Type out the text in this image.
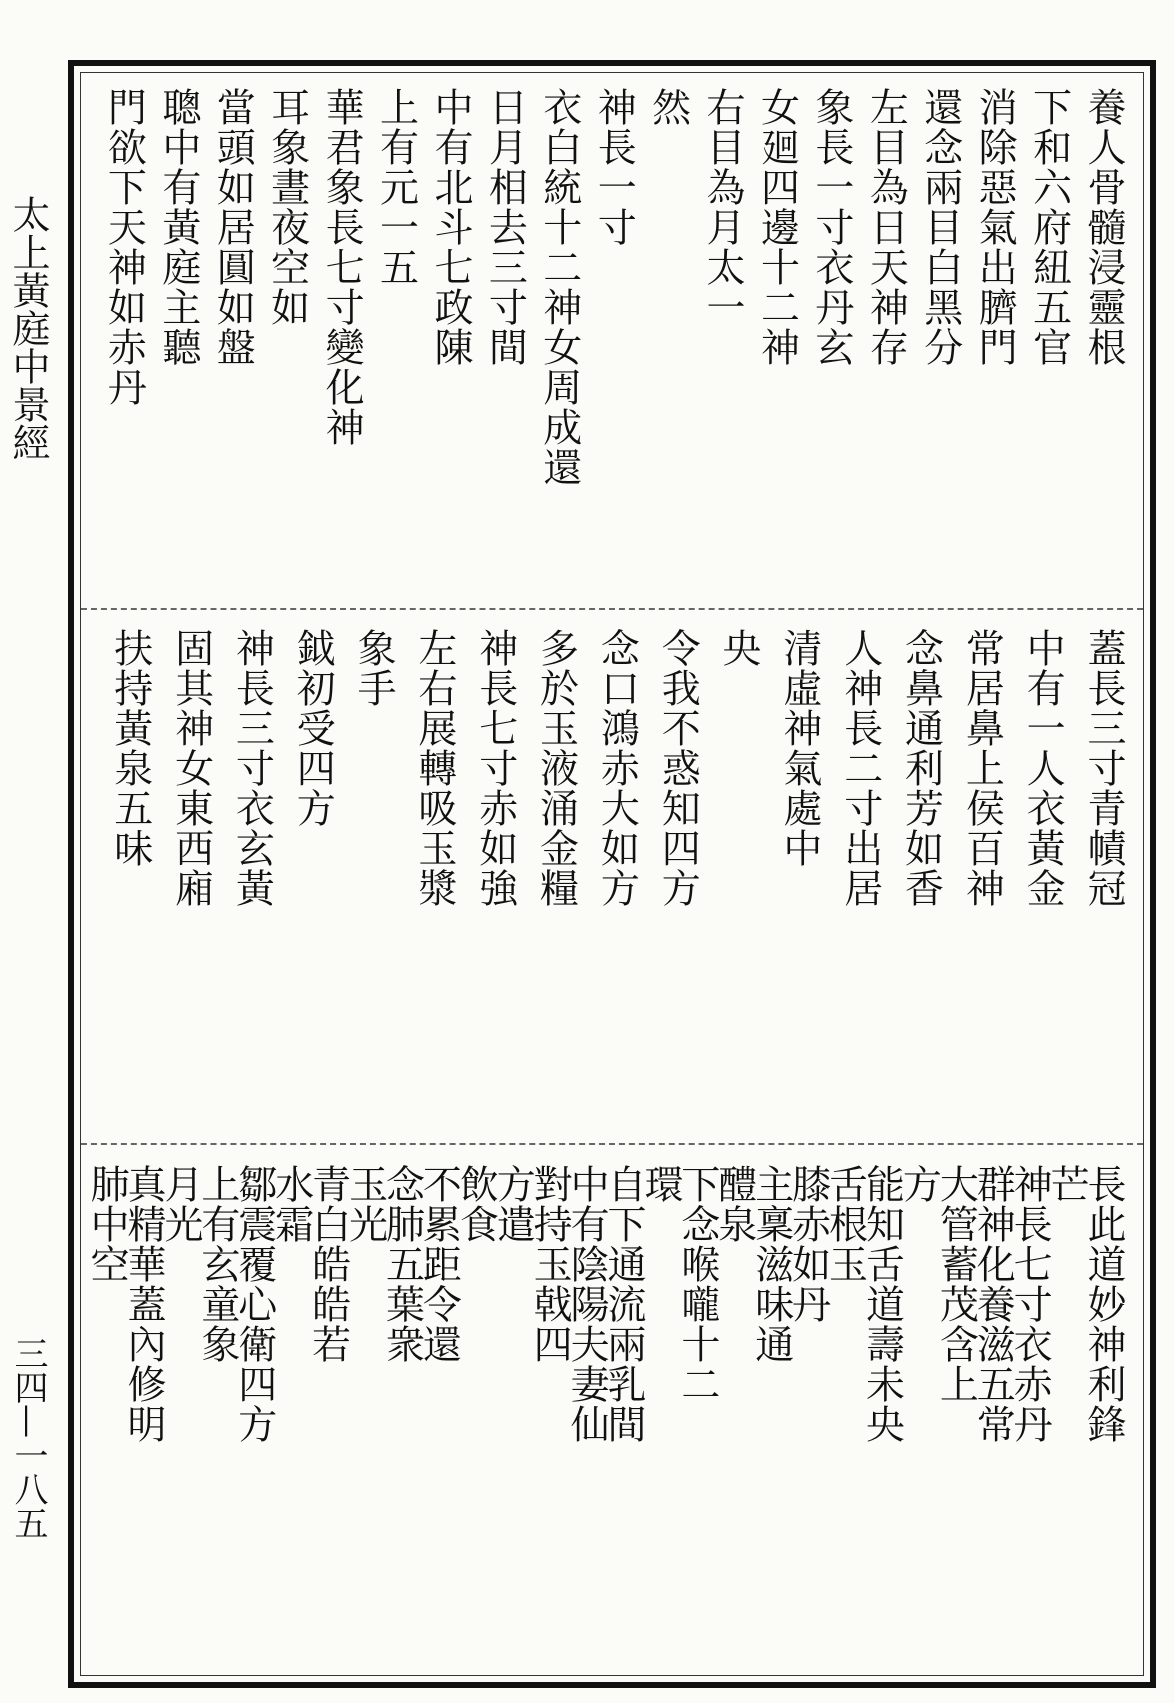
太上黃庭中景經
三四—一八五
養人骨髓浸靈根
下和六府紐五官
消除惡氣出臍門
還念兩目白黑分
左目為日天神存
象長一寸衣丹玄
女廻四邊十二神
右目為月太一
然
神長一寸
衣白統十二神女周成還
日月相去三寸間
中有北斗七政陳
上有元一五
華君象長七寸變化神
耳象晝夜空如
當頭如居圓如盤
聰中有黃庭主聽
門欲下天神如赤丹
蓋長三寸青幘冠
中有一人衣黃金
常居鼻上侯百神
念鼻通利芳如香
人神長二寸出居
清虛神氣處中
央
令我不惑知四方
念口鴻赤大如方
多於玉液涌金糧
神長七寸赤如強
左右展轉吸玉漿
象手
鉞初受四方
神長三寸衣玄黃
固其神女東西廂
扶持黃泉五味
長此道妙神利鋒
芒
神長七寸衣赤丹
群神化養滋五常
大管蓄茂含上
方
能知舌道壽未央
舌根玉
膝赤如丹
主稟滋味通
醴泉
下念喉嚨十二
環
自下通流兩乳間
中有陰陽夫妻仙
對持玉戟四
方遣
飲食
不累距令還
念肺五葉衆
玉光
青白皓皓若
水霜
鄒震覆心衛四方
上有玄童象
月光
真精華蓋內修明
肺中空
